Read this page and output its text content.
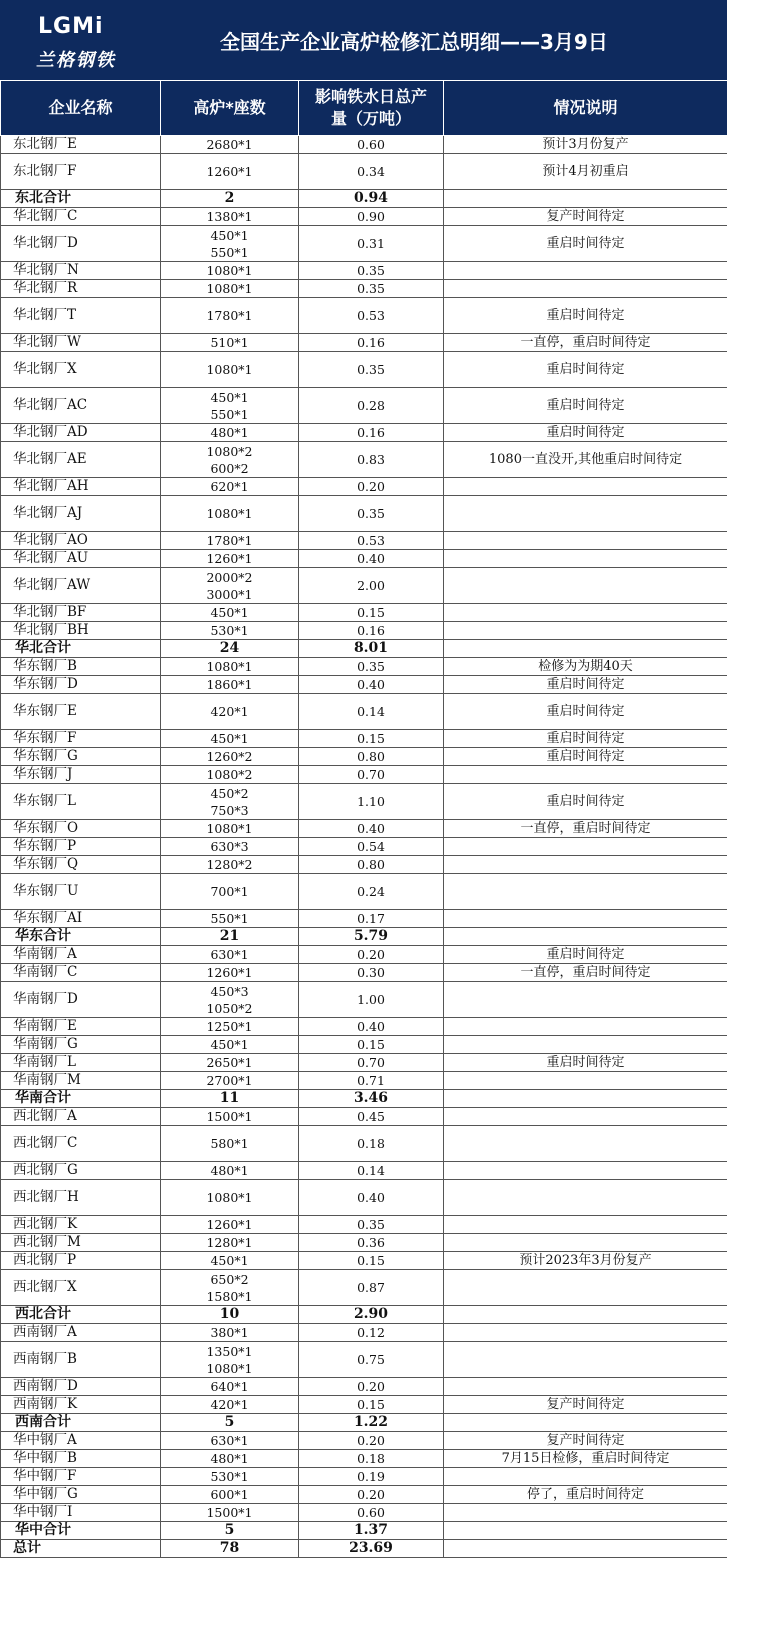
LGMi
兰格钢铁
全国生产企业高炉检修汇总明细——3月9日
企业名称	高炉*座数	影响铁水日总产量（万吨）	情况说明
东北钢厂E	2680*1	0.60	预计3月份复产
东北钢厂F	1260*1	0.34	预计4月初重启
东北合计	2	0.94	
华北钢厂C	1380*1	0.90	复产时间待定
华北钢厂D	450*1
550*1	0.31	重启时间待定
华北钢厂N	1080*1	0.35	
华北钢厂R	1080*1	0.35	
华北钢厂T	1780*1	0.53	重启时间待定
华北钢厂W	510*1	0.16	一直停，重启时间待定
华北钢厂X	1080*1	0.35	重启时间待定
华北钢厂AC	450*1
550*1	0.28	重启时间待定
华北钢厂AD	480*1	0.16	重启时间待定
华北钢厂AE	1080*2
600*2	0.83	1080一直没开,其他重启时间待定
华北钢厂AH	620*1	0.20	
华北钢厂AJ	1080*1	0.35	
华北钢厂AO	1780*1	0.53	
华北钢厂AU	1260*1	0.40	
华北钢厂AW	2000*2
3000*1	2.00	
华北钢厂BF	450*1	0.15	
华北钢厂BH	530*1	0.16	
华北合计	24	8.01	
华东钢厂B	1080*1	0.35	检修为为期40天
华东钢厂D	1860*1	0.40	重启时间待定
华东钢厂E	420*1	0.14	重启时间待定
华东钢厂F	450*1	0.15	重启时间待定
华东钢厂G	1260*2	0.80	重启时间待定
华东钢厂J	1080*2	0.70	
华东钢厂L	450*2
750*3	1.10	重启时间待定
华东钢厂O	1080*1	0.40	一直停，重启时间待定
华东钢厂P	630*3	0.54	
华东钢厂Q	1280*2	0.80	
华东钢厂U	700*1	0.24	
华东钢厂AI	550*1	0.17	
华东合计	21	5.79	
华南钢厂A	630*1	0.20	重启时间待定
华南钢厂C	1260*1	0.30	一直停，重启时间待定
华南钢厂D	450*3
1050*2	1.00	
华南钢厂E	1250*1	0.40	
华南钢厂G	450*1	0.15	
华南钢厂L	2650*1	0.70	重启时间待定
华南钢厂M	2700*1	0.71	
华南合计	11	3.46	
西北钢厂A	1500*1	0.45	
西北钢厂C	580*1	0.18	
西北钢厂G	480*1	0.14	
西北钢厂H	1080*1	0.40	
西北钢厂K	1260*1	0.35	
西北钢厂M	1280*1	0.36	
西北钢厂P	450*1	0.15	预计2023年3月份复产
西北钢厂X	650*2
1580*1	0.87	
西北合计	10	2.90	
西南钢厂A	380*1	0.12	
西南钢厂B	1350*1
1080*1	0.75	
西南钢厂D	640*1	0.20	
西南钢厂K	420*1	0.15	复产时间待定
西南合计	5	1.22	
华中钢厂A	630*1	0.20	复产时间待定
华中钢厂B	480*1	0.18	7月15日检修，重启时间待定
华中钢厂F	530*1	0.19	
华中钢厂G	600*1	0.20	停了，重启时间待定
华中钢厂I	1500*1	0.60	
华中合计	5	1.37	
总计	78	23.69	
